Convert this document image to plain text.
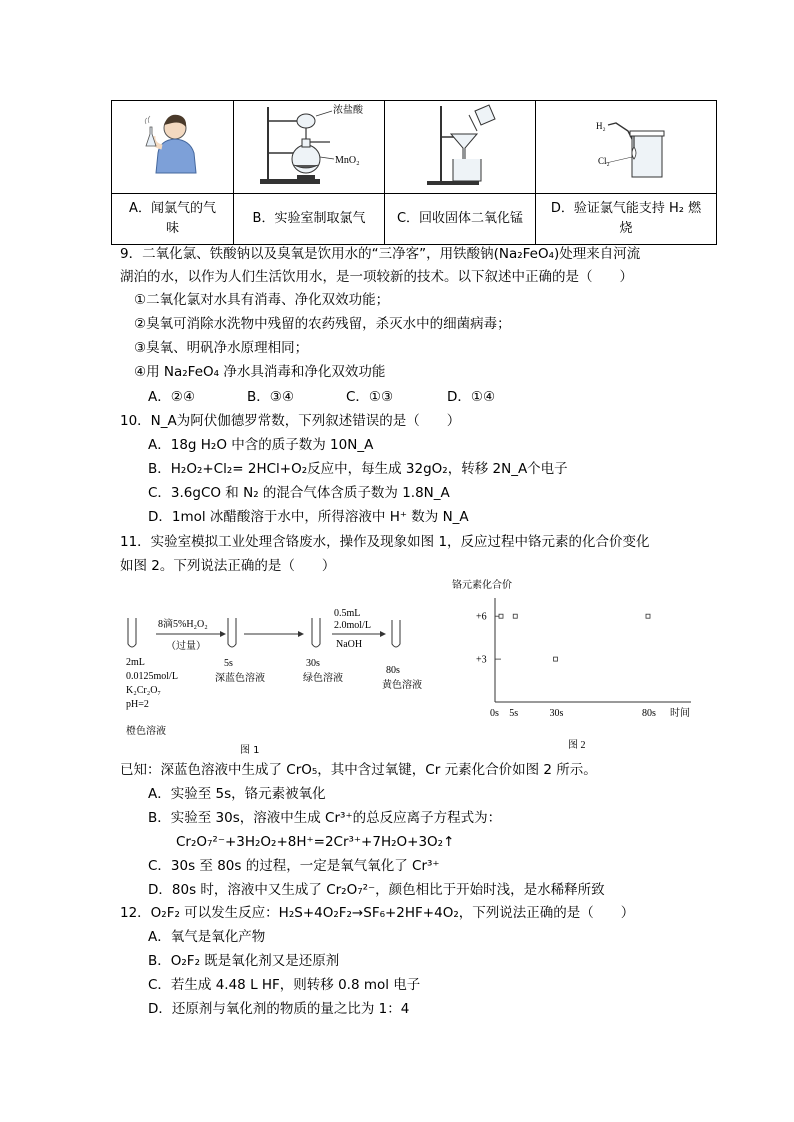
浓盐酸
MnO₂		H₂
Cl₂

A．闻氯气的气
味	B．实验室制取氯气	C．回收固体二氧化锰	D．验证氯气能支持 H₂ 燃
烧
9．二氧化氯、铁酸钠以及臭氧是饮用水的“三净客”，用铁酸钠(Na₂FeO₄)处理来自河流
湖泊的水，以作为人们生活饮用水，是一项较新的技术。以下叙述中正确的是（　　）
①二氧化氯对水具有消毒、净化双效功能；
②臭氧可消除水洗物中残留的农药残留，杀灭水中的细菌病毒；
③臭氧、明矾净水原理相同；
④用 Na₂FeO₄ 净水具消毒和净化双效功能
A．②④	B．③④	C．①③	D．①④
10．N_A为阿伏伽德罗常数，下列叙述错误的是（　　）
A．18g H₂O 中含的质子数为 10N_A
B．H₂O₂+Cl₂= 2HCl+O₂反应中，每生成 32gO₂，转移 2N_A个电子
C．3.6gCO 和 N₂ 的混合气体含质子数为 1.8N_A
D．1mol 冰醋酸溶于水中，所得溶液中 H⁺ 数为 N_A
11．实验室模拟工业处理含铬废水，操作及现象如图 1，反应过程中铬元素的化合价变化
如图 2。下列说法正确的是（　　）
2mL
0.0125mol/L
K₂Cr₂O₇
pH=2
橙色溶液
8滴5%H₂O₂
（过量）
5s
深蓝色溶液
30s
绿色溶液
0.5mL
2.0mol/L
NaOH
80s
黄色溶液
图 1
铬元素化合价
+6
+3
0s 5s	30s	80s 时间
图 2
已知：深蓝色溶液中生成了 CrO₅，其中含过氧键，Cr 元素化合价如图 2 所示。
A．实验至 5s，铬元素被氧化
B．实验至 30s，溶液中生成 Cr³⁺的总反应离子方程式为：
Cr₂O₇²⁻+3H₂O₂+8H⁺=2Cr³⁺+7H₂O+3O₂↑
C．30s 至 80s 的过程，一定是氧气氧化了 Cr³⁺
D．80s 时，溶液中又生成了 Cr₂O₇²⁻，颜色相比于开始时浅，是水稀释所致
12．O₂F₂ 可以发生反应：H₂S+4O₂F₂→SF₆+2HF+4O₂，下列说法正确的是（　　）
A．氧气是氧化产物
B．O₂F₂ 既是氧化剂又是还原剂
C．若生成 4.48 L HF，则转移 0.8 mol 电子
D．还原剂与氧化剂的物质的量之比为 1：4
